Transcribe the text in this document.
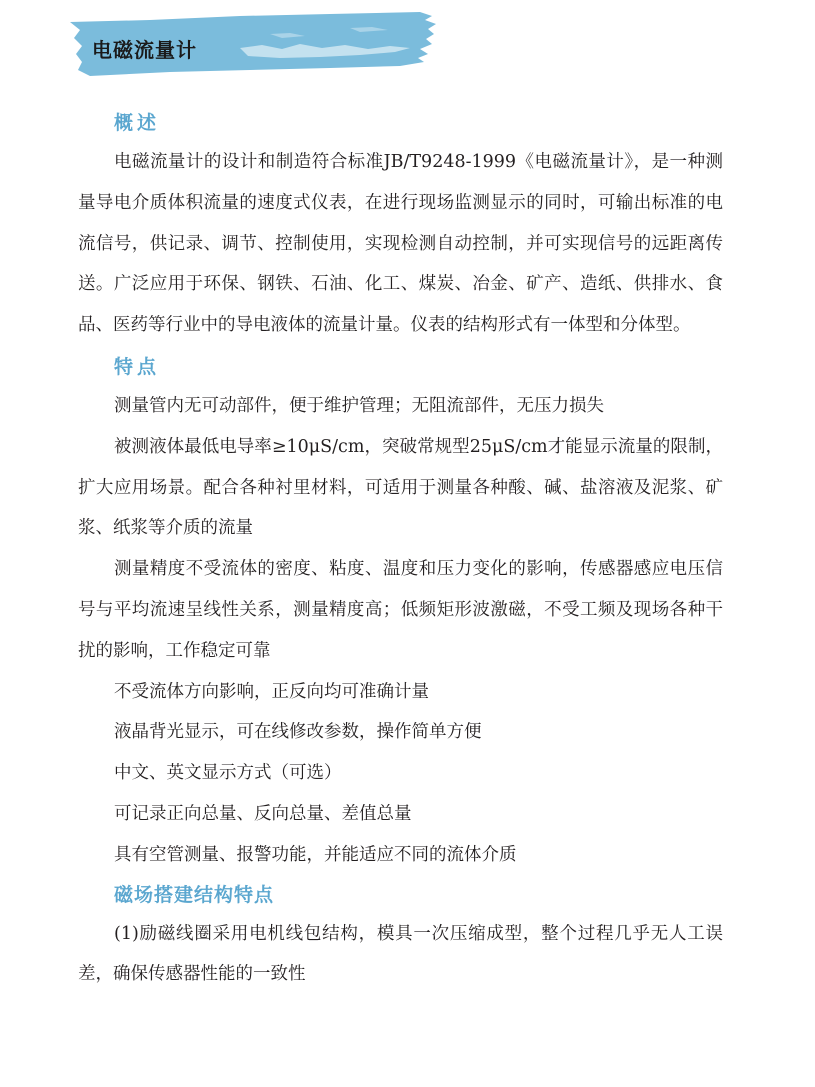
电磁流量计
概述

电磁流量计的设计和制造符合标准JB/T9248-1999《电磁流量计》，是一种测量导电介质体积流量的速度式仪表，在进行现场监测显示的同时，可输出标准的电流信号，供记录、调节、控制使用，实现检测自动控制，并可实现信号的远距离传送。广泛应用于环保、钢铁、石油、化工、煤炭、冶金、矿产、造纸、供排水、食品、医药等行业中的导电液体的流量计量。仪表的结构形式有一体型和分体型。

特点

测量管内无可动部件，便于维护管理；无阻流部件，无压力损失

被测液体最低电导率≥10μS/cm，突破常规型25μS/cm才能显示流量的限制，扩大应用场景。配合各种衬里材料，可适用于测量各种酸、碱、盐溶液及泥浆、矿浆、纸浆等介质的流量

测量精度不受流体的密度、粘度、温度和压力变化的影响，传感器感应电压信号与平均流速呈线性关系，测量精度高；低频矩形波激磁，不受工频及现场各种干扰的影响，工作稳定可靠

不受流体方向影响，正反向均可准确计量

液晶背光显示，可在线修改参数，操作简单方便

中文、英文显示方式（可选）

可记录正向总量、反向总量、差值总量

具有空管测量、报警功能，并能适应不同的流体介质

磁场搭建结构特点

(1)励磁线圈采用电机线包结构，模具一次压缩成型，整个过程几乎无人工误差，确保传感器性能的一致性
